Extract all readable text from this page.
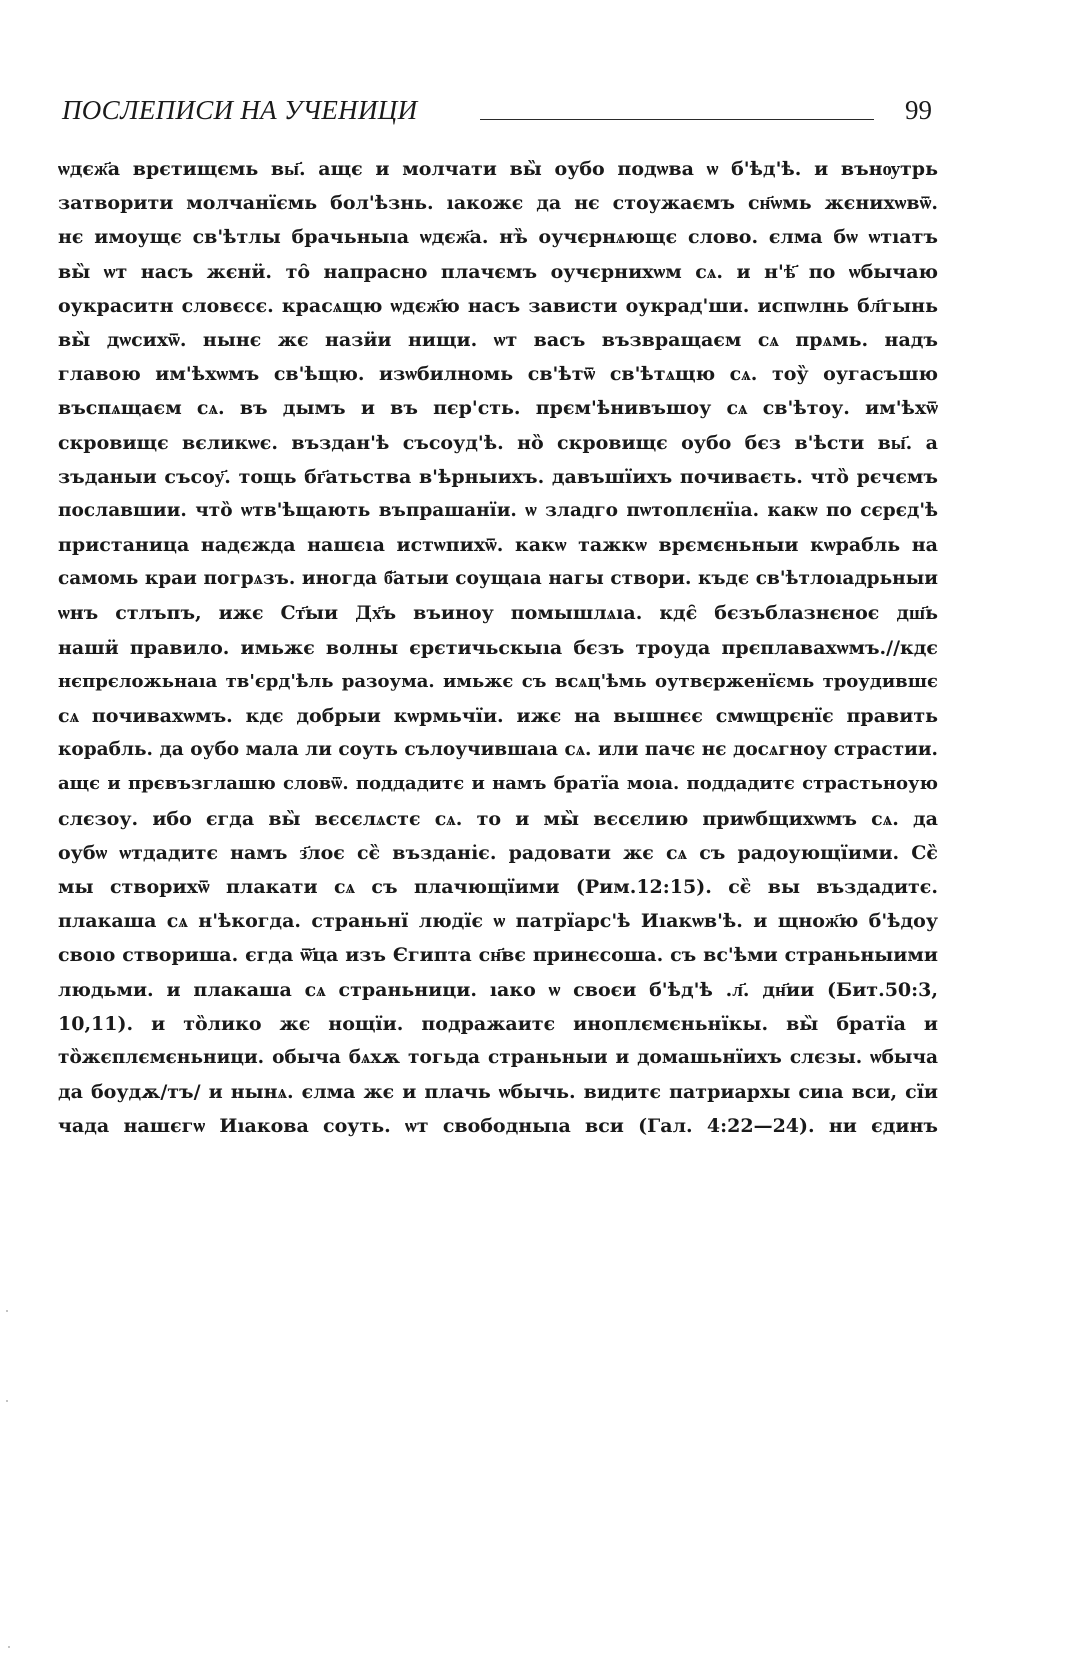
ПОСЛЕПИСИ НА УЧЕНИЦИ	99
ѡдєж҃а врєтищємь вы҃. ащє и молчати вы̏ оубо подѡва ѡ б'ѣд'ѣ. и вънѹтрь
затворити молчанїємь бол'ѣзнь. ıакожє да нє стоужаємъ сн҃ѡмь жєнихѡвѿ.
нє имоущє св'ѣтлы брачьныıа ѡдєж҃а. нъ̏ оучєрнѧющє слово. єлма бѡ ѡтıатъ
вы̏ ѡт насъ жєнӥ. то̑ напрасно плачємъ оучєрнихѡм сѧ. и н'ѣ҃ по ѡбычаю
оукраситн словєсє. красѧщю ѡдєж҃ю насъ зависти оукрад'ши. испѡлнь бл҃гынь
вы̏ дѡсихѿ. нынє жє назӥи нищи. ѡт васъ възвращаєм сѧ прѧмь. надъ
главою им'ѣхѡмъ св'ѣщю. изѡбилномь св'ѣтѿ св'ѣтѧщю сѧ. тоу̏ оугасъшю
въспѧщаєм сѧ. въ дымъ и въ пєр'сть. прєм'ѣнивъшоу сѧ св'ѣтоу. им'ѣхѿ
скровищє вєликѡє. въздан'ѣ съсоуд'ѣ. но̏ скровищє оубо бєз в'ѣсти вы҃. а
зъданыи съсоу҃. тощь бг҃атьства в'ѣрныихъ. давъшїихъ почиваєть. что̏ рєчємъ
пославшии. что̏ ѡтв'ѣщають въпрашанїи. ѡ зладго пѡтоплєнїıа. какѡ по сєрєд'ѣ
пристаница надєжда нашєıа истѡпихѿ. какѡ тажкѡ врємєньныи кѡрабль на
самомь краи погрѧзъ. иногда б҃атыи соущаıа нагы створи. къдє св'ѣтлоıадрьныи
ѡнъ стлъпъ, ижє Ст҃ыи Дх҃ъ въиноу помышлѧıа. кдє̑ бєзъблазнєноє дш҃ь
нашӥ правило. имьжє волны єрєтичьскыıа бєзъ троуда прєплавахѡмъ.//кдє
нєпрєложьнаıа тв'єрд'ѣль разоума. имьжє съ всѧц'ѣмь оутвєрженїємь троудившє
сѧ почивахѡмъ. кдє добрыи кѡрмьчїи. ижє на вышнєє смѡщрєнїє править
корабль. да оубо мала ли соуть сълоучившаıа сѧ. или пачє нє досѧгноу страстии.
ащє и прєвъзглашю словѿ. поддадитє и намъ братїа моıа. поддадитє страстьноую
слєзоу. ибо єгда вы̏ вєсєлѧстє сѧ. то и мы̏ вєсєлию приѡбщихѡмъ сѧ. да
оубѡ ѡтдадитє намъ з҃лоє сє̏ въздані̇є. радовати жє сѧ съ радоующїими. Сє̏
мы створихѿ плакати сѧ съ плачющїими (Рим.12:15). сє̏ вы въздадитє.
плакаша сѧ н'ѣкогда. страньнї людїє ѡ патрїарс'ѣ Иıакѡв'ѣ. и щнож҃ю б'ѣдоу
своıо створиша. єгда ѿ҃ца изъ Єгипта сн҃вє принєсоша. съ вс'ѣми страньныими
людьми. и плакаша сѧ страньници. ıако ѡ своєи б'ѣд'ѣ .л҃. дн҃ии (Бит.50:3,
10,11). и то̏лико жє нощїи. подражаитє иноплємєньнїкы. вы̏ братїа и
то̏жєплємєньници. обыча бѧхѫ тогьда страньныи и домашьнїихъ слєзы. ѡбыча
да боудѫ/тъ/ и нынѧ. єлма жє и плачь ѡбычь. видитє патриархы сиıа вси, сїи
чада нашєгѡ Иıакова соуть. ѡт свободныıа вси (Гал. 4:22—24). ни єдинъ
